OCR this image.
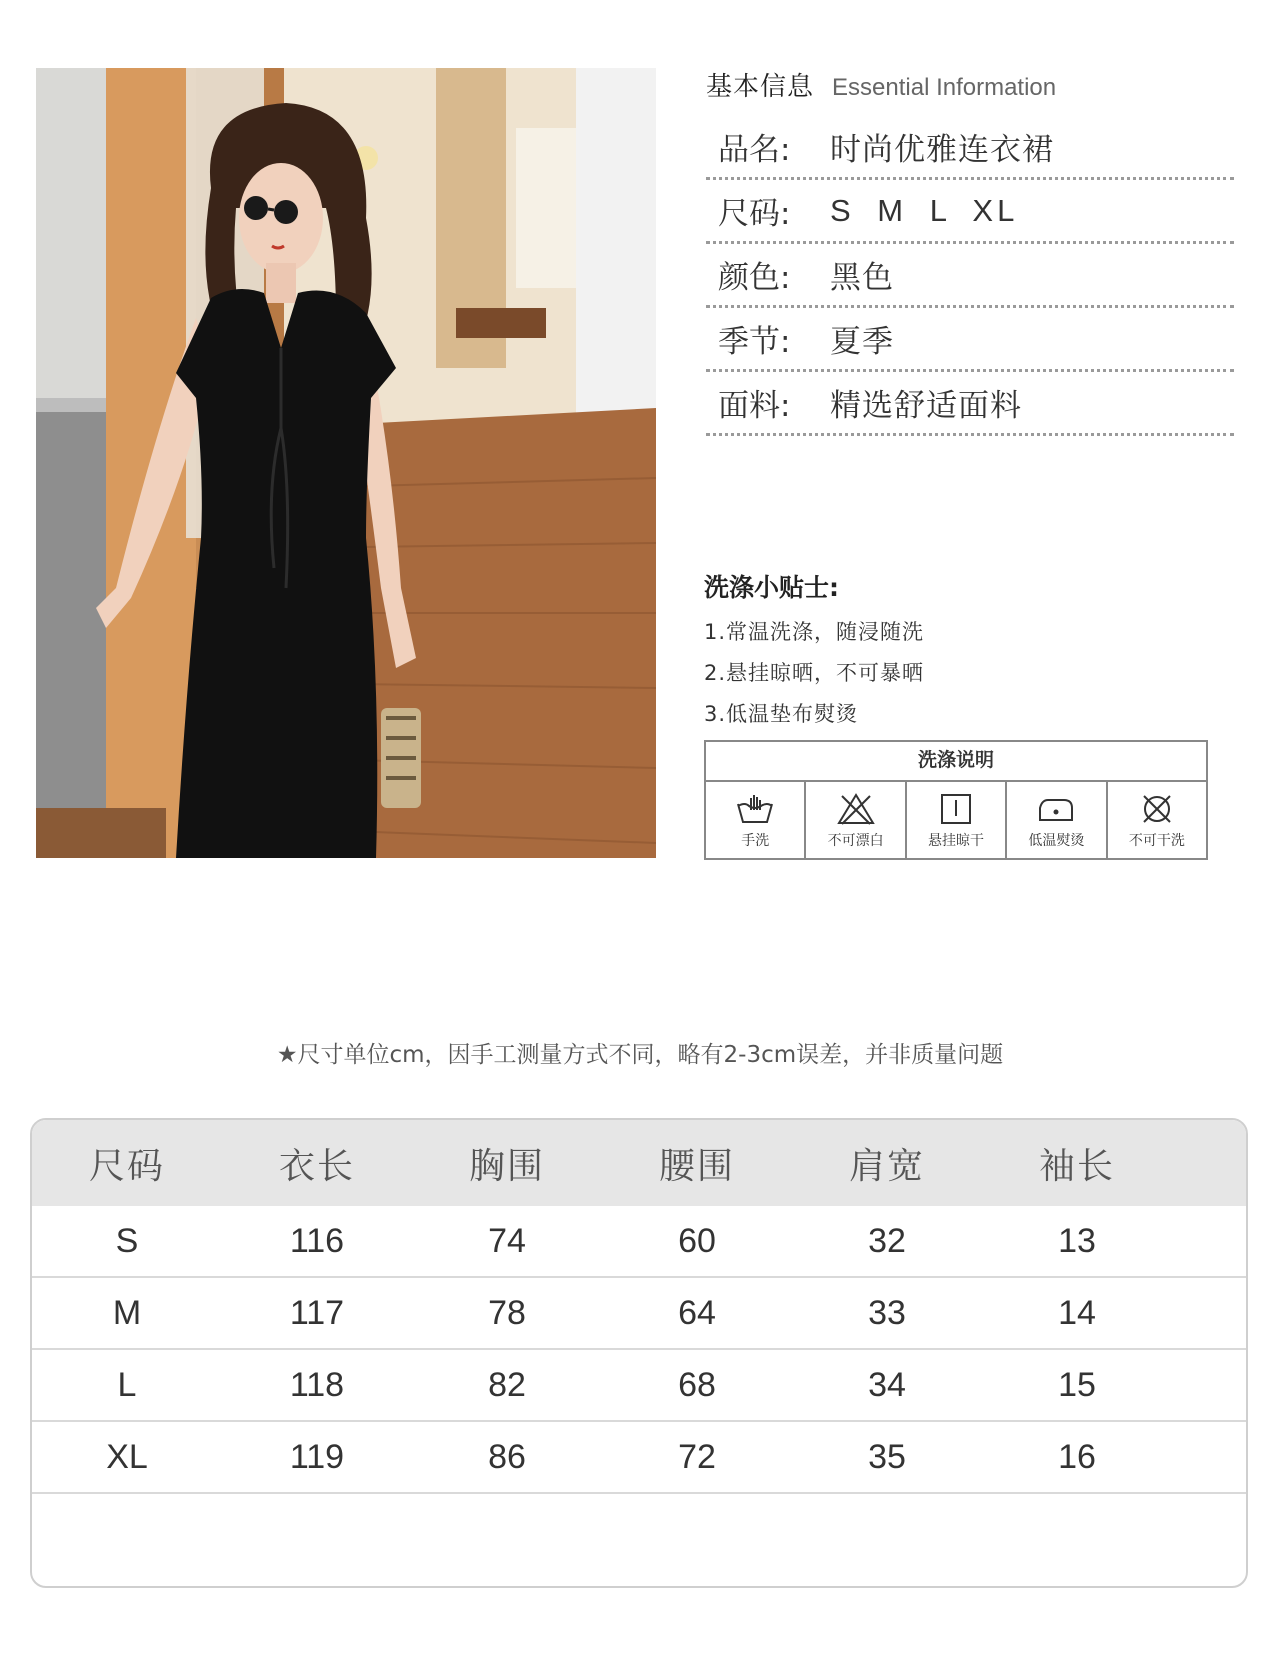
基本信息 Essential Information
品名:	时尚优雅连衣裙
尺码:	S M L XL
颜色:	黑色
季节:	夏季
面料:	精选舒适面料
洗涤小贴士:
1.常温洗涤，随浸随洗
2.悬挂晾晒，不可暴晒
3.低温垫布熨烫
洗涤说明
手洗	不可漂白	悬挂晾干	低温熨烫	不可干洗
★尺寸单位cm，因手工测量方式不同，略有2-3cm误差，并非质量问题
尺码	衣长	胸围	腰围	肩宽	袖长
S	116	74	60	32	13
M	117	78	64	33	14
L	118	82	68	34	15
XL	119	86	72	35	16
